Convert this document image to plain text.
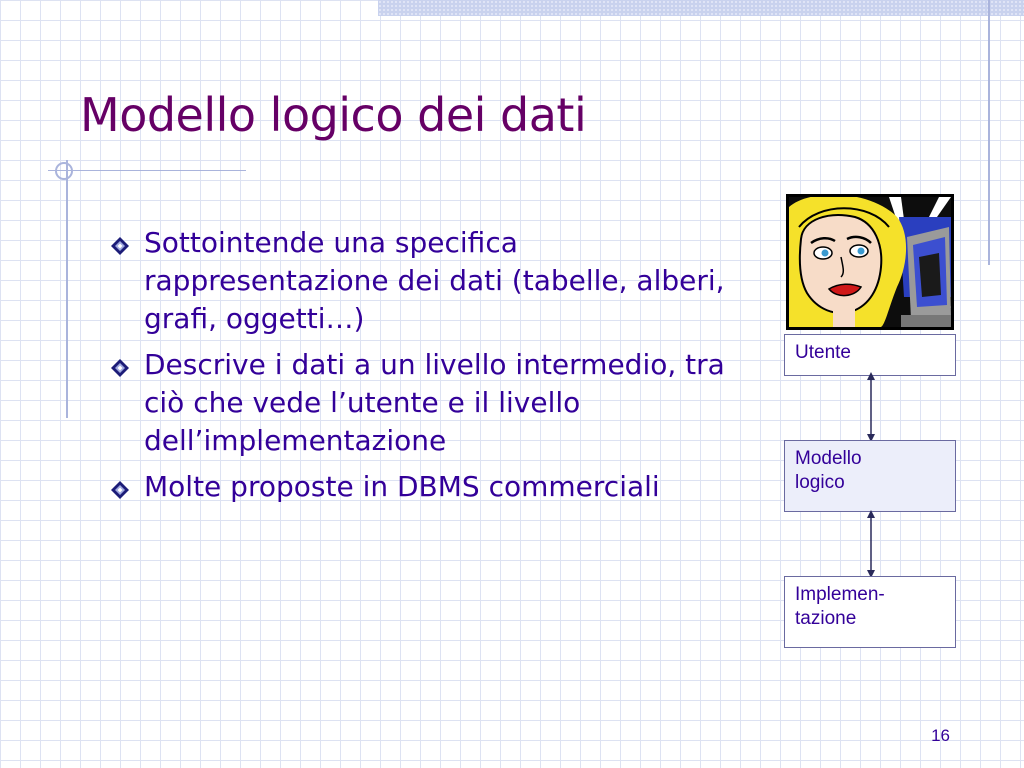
Modello logico dei dati
Sottointende una specifica rappresentazione dei dati (tabelle, alberi, grafi, oggetti…)
Descrive i dati a un livello intermedio, tra ciò che vede l’utente e il livello dell’implementazione
Molte proposte in DBMS commerciali
Utente
Modello
logico
Implemen-
tazione
16
